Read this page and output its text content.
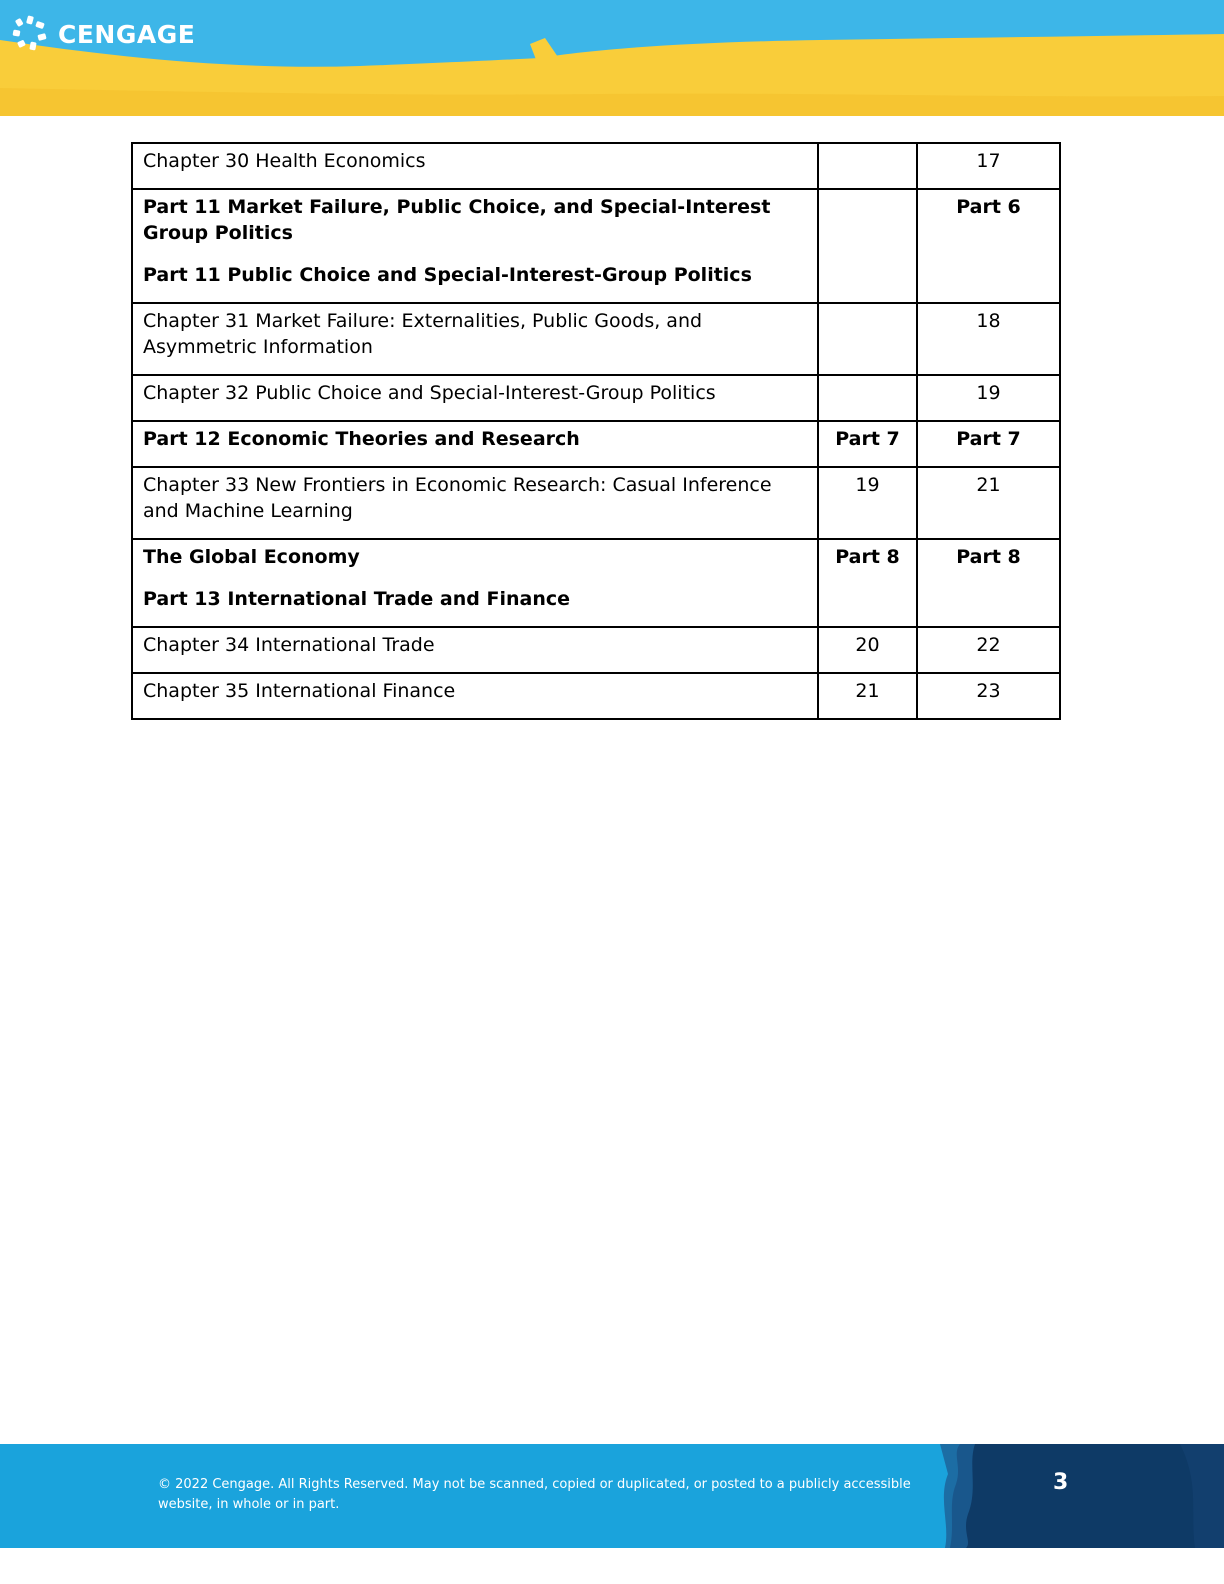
CENGAGE
Chapter 30 Health Economics		17

Part 11 Market Failure, Public Choice, and Special-Interest Group Politics
Part 11 Public Choice and Special-Interest-Group Politics		Part 6
Chapter 31 Market Failure: Externalities, Public Goods, and Asymmetric Information		18
Chapter 32 Public Choice and Special-Interest-Group Politics		19
Part 12 Economic Theories and Research	Part 7	Part 7
Chapter 33 New Frontiers in Economic Research: Casual Inference and Machine Learning	19	21

The Global Economy
Part 13 International Trade and Finance	Part 8	Part 8
Chapter 34 International Trade	20	22
Chapter 35 International Finance	21	23
© 2022 Cengage. All Rights Reserved. May not be scanned, copied or duplicated, or posted to a publicly accessible website, in whole or in part.
3
